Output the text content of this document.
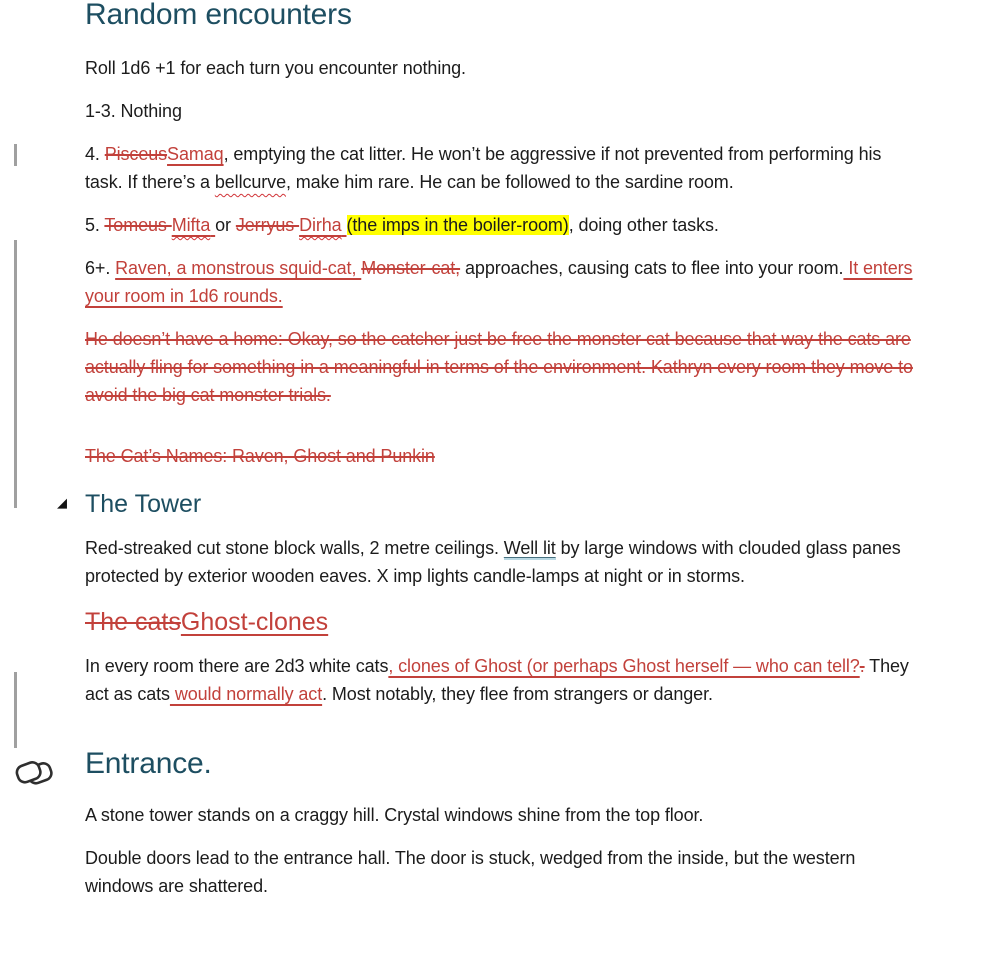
Random encounters

Roll 1d6 +1 for each turn you encounter nothing.

1-3. Nothing

4. PisceusSamaq, emptying the cat litter. He won’t be aggressive if not prevented from performing his task. If there’s a bellcurve, make him rare. He can be followed to the sardine room.

5. Tomeus Mifta or Jerryus Dirha (the imps in the boiler-room), doing other tasks.

6+. Raven, a monstrous squid-cat, Monster-cat, approaches, causing cats to flee into your room. It enters your room in 1d6 rounds.

He doesn’t have a home: Okay, so the catcher just be free the monster cat because that way the cats are actually fling for something in a meaningful in terms of the environment. Kathryn every room they move to avoid the big cat monster trials.

The Cat’s Names: Raven, Ghost and Punkin

◢ The Tower

Red-streaked cut stone block walls, 2 metre ceilings. Well lit by large windows with clouded glass panes protected by exterior wooden eaves. X imp lights candle-lamps at night or in storms.

The catsGhost-clones

In every room there are 2d3 white cats, clones of Ghost (or perhaps Ghost herself — who can tell?. They act as cats would normally act. Most notably, they flee from strangers or danger.

Entrance.

A stone tower stands on a craggy hill. Crystal windows shine from the top floor.

Double doors lead to the entrance hall. The door is stuck, wedged from the inside, but the western windows are shattered.
